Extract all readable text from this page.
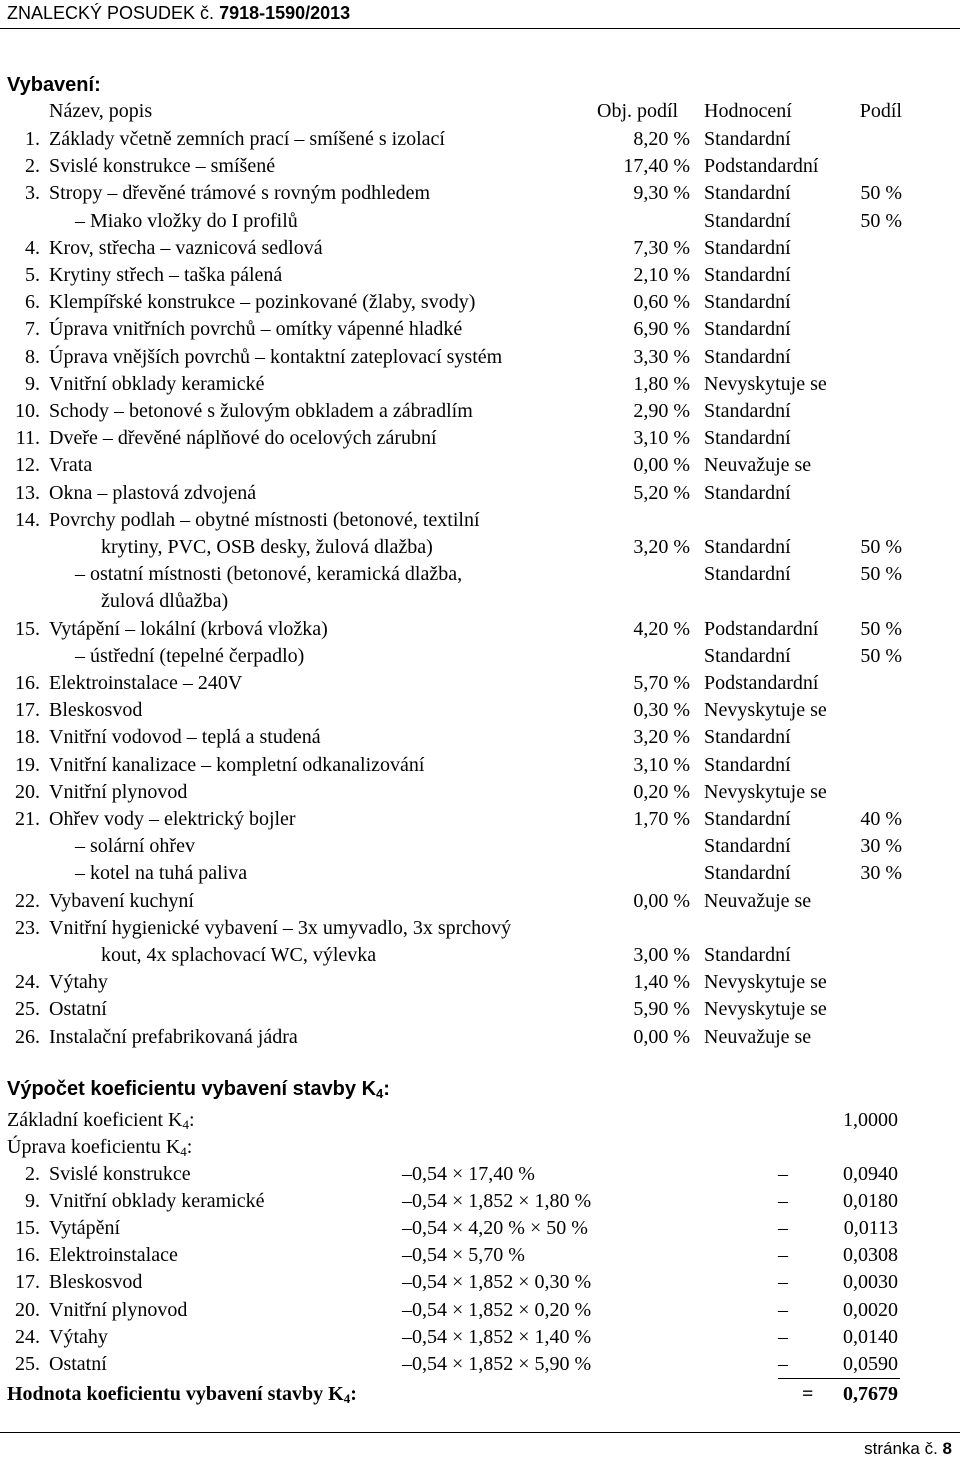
ZNALECKÝ POSUDEK č. 7918-1590/2013
Vybavení:
Název, popis	Obj. podíl Hodnocení	Podíl
1. Základy včetně zemních prací – smíšené s izolací	8,20 % Standardní
2. Svislé konstrukce – smíšené	17,40 % Podstandardní
3. Stropy – dřevěné trámové s rovným podhledem	9,30 % Standardní	50 %
– Miako vložky do I profilů	Standardní	50 %
4. Krov, střecha – vaznicová sedlová	7,30 % Standardní
5. Krytiny střech – taška pálená	2,10 % Standardní
6. Klempířské konstrukce – pozinkované (žlaby, svody)	0,60 % Standardní
7. Úprava vnitřních povrchů – omítky vápenné hladké	6,90 % Standardní
8. Úprava vnějších povrchů – kontaktní zateplovací systém	3,30 % Standardní
9. Vnitřní obklady keramické	1,80 % Nevyskytuje se
10. Schody – betonové s žulovým obkladem a zábradlím	2,90 % Standardní
11. Dveře – dřevěné náplňové do ocelových zárubní	3,10 % Standardní
12. Vrata	0,00 % Neuvažuje se
13. Okna – plastová zdvojená	5,20 % Standardní
14. Povrchy podlah – obytné místnosti (betonové, textilní
krytiny, PVC, OSB desky, žulová dlažba)	3,20 % Standardní	50 %
– ostatní místnosti (betonové, keramická dlažba,	Standardní	50 %
žulová dlůažba)
15. Vytápění – lokální (krbová vložka)	4,20 % Podstandardní 50 %
– ústřední (tepelné čerpadlo)	Standardní	50 %
16. Elektroinstalace – 240V	5,70 % Podstandardní
17. Bleskosvod	0,30 % Nevyskytuje se
18. Vnitřní vodovod – teplá a studená	3,20 % Standardní
19. Vnitřní kanalizace – kompletní odkanalizování	3,10 % Standardní
20. Vnitřní plynovod	0,20 % Nevyskytuje se
21. Ohřev vody – elektrický bojler	1,70 % Standardní	40 %
– solární ohřev	Standardní	30 %
– kotel na tuhá paliva	Standardní	30 %
22. Vybavení kuchyní	0,00 % Neuvažuje se
23. Vnitřní hygienické vybavení – 3x umyvadlo, 3x sprchový
kout, 4x splachovací WC, výlevka	3,00 % Standardní
24. Výtahy	1,40 % Nevyskytuje se
25. Ostatní	5,90 % Nevyskytuje se
26. Instalační prefabrikovaná jádra	0,00 % Neuvažuje se
Výpočet koeficientu vybavení stavby $K_4$:
Základní koeficient $K_4$:	1,0000
Úprava koeficientu $K_4$:
2. Svislé konstrukce	–0,54 × 17,40 %	–	0,0940
9. Vnitřní obklady keramické	–0,54 × 1,852 × 1,80 %	–	0,0180
15. Vytápění	–0,54 × 4,20 % × 50 %	–	0,0113
16. Elektroinstalace	–0,54 × 5,70 %	–	0,0308
17. Bleskosvod	–0,54 × 1,852 × 0,30 %	–	0,0030
20. Vnitřní plynovod	–0,54 × 1,852 × 0,20 %	–	0,0020
24. Výtahy	–0,54 × 1,852 × 1,40 %	–	0,0140
25. Ostatní	–0,54 × 1,852 × 5,90 %	–	0,0590
Hodnota koeficientu vybavení stavby $K_4$:	= 0,7679
stránka č. 8
